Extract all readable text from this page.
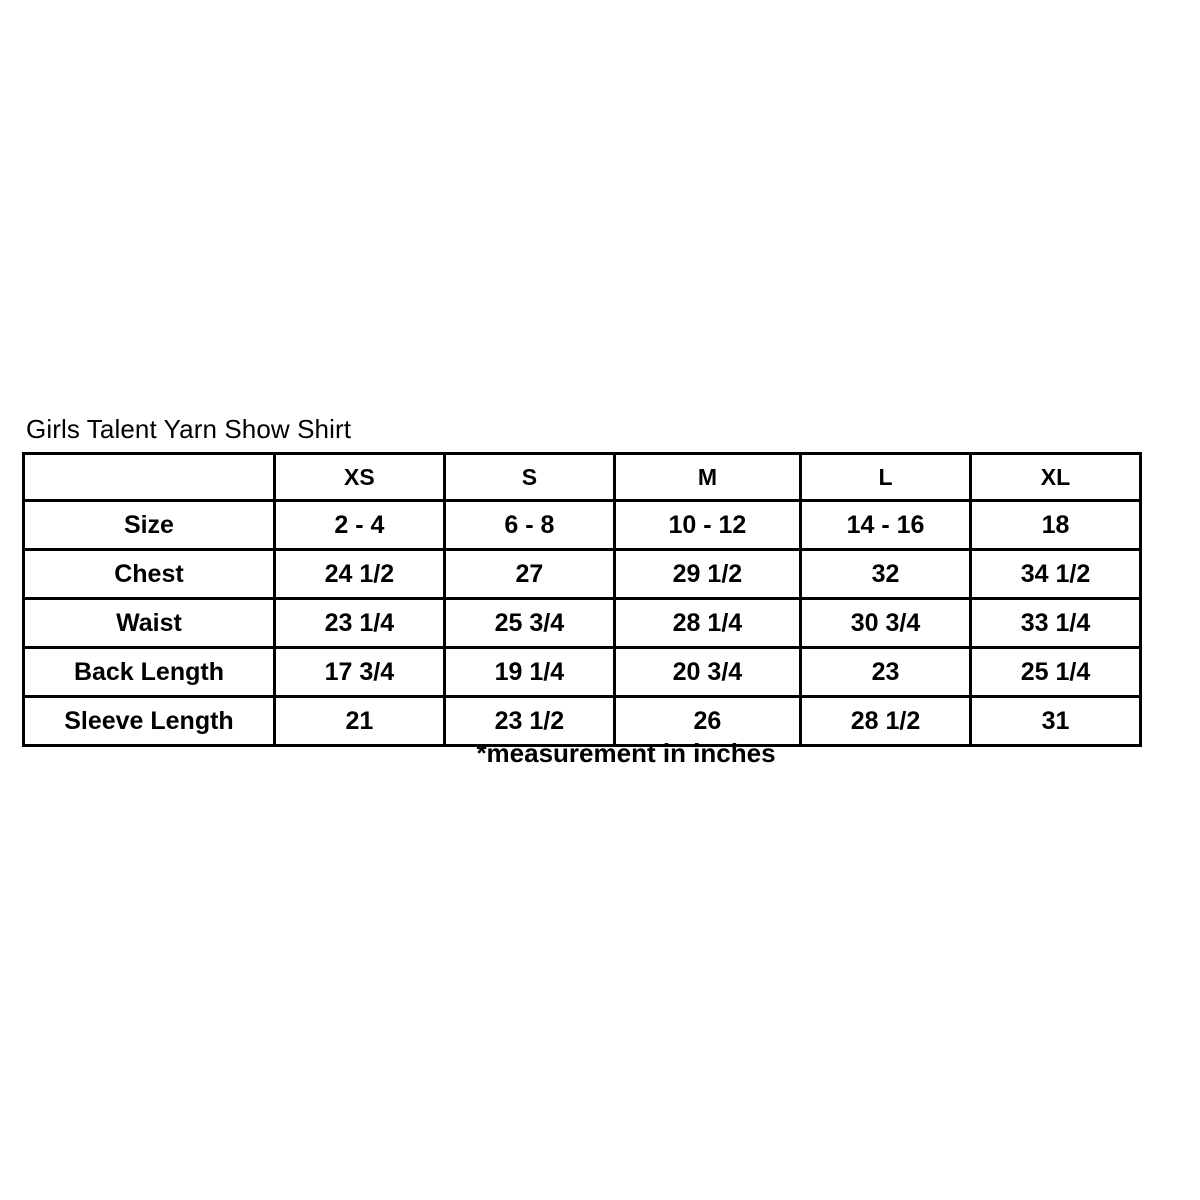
Girls Talent Yarn Show Shirt
	XS	S	M	L	XL
Size	2 - 4	6 - 8	10 - 12	14 - 16	18
Chest	24 1/2	27	29 1/2	32	34 1/2
Waist	23 1/4	25 3/4	28 1/4	30 3/4	33 1/4
Back Length	17 3/4	19 1/4	20 3/4	23	25 1/4
Sleeve Length	21	23 1/2	26	28 1/2	31
*measurement in inches
